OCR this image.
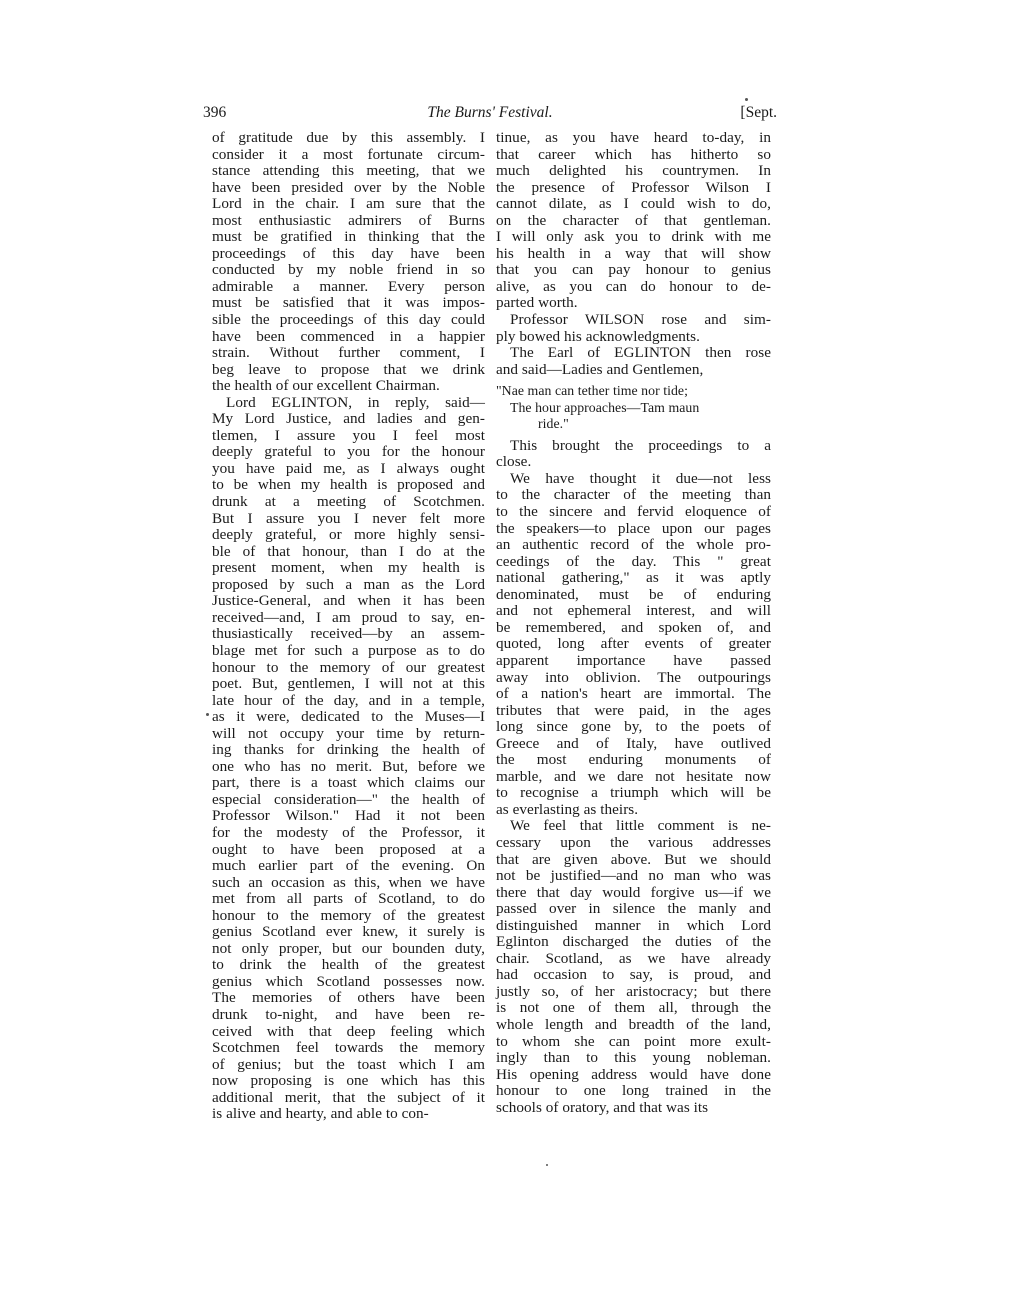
396	The Burns' Festival.	[Sept.
of gratitude due by this assembly. I
consider it a most fortunate circum-
stance attending this meeting, that we
have been presided over by the Noble
Lord in the chair. I am sure that the
most enthusiastic admirers of Burns
must be gratified in thinking that the
proceedings of this day have been
conducted by my noble friend in so
admirable a manner. Every person
must be satisfied that it was impos-
sible the proceedings of this day could
have been commenced in a happier
strain. Without further comment, I
beg leave to propose that we drink
the health of our excellent Chairman.
Lord EGLINTON, in reply, said—
My Lord Justice, and ladies and gen-
tlemen, I assure you I feel most
deeply grateful to you for the honour
you have paid me, as I always ought
to be when my health is proposed and
drunk at a meeting of Scotchmen.
But I assure you I never felt more
deeply grateful, or more highly sensi-
ble of that honour, than I do at the
present moment, when my health is
proposed by such a man as the Lord
Justice-General, and when it has been
received—and, I am proud to say, en-
thusiastically received—by an assem-
blage met for such a purpose as to do
honour to the memory of our greatest
poet. But, gentlemen, I will not at this
late hour of the day, and in a temple,
as it were, dedicated to the Muses—I
will not occupy your time by return-
ing thanks for drinking the health of
one who has no merit. But, before we
part, there is a toast which claims our
especial consideration—" the health of
Professor Wilson." Had it not been
for the modesty of the Professor, it
ought to have been proposed at a
much earlier part of the evening. On
such an occasion as this, when we have
met from all parts of Scotland, to do
honour to the memory of the greatest
genius Scotland ever knew, it surely is
not only proper, but our bounden duty,
to drink the health of the greatest
genius which Scotland possesses now.
The memories of others have been
drunk to-night, and have been re-
ceived with that deep feeling which
Scotchmen feel towards the memory
of genius; but the toast which I am
now proposing is one which has this
additional merit, that the subject of it
is alive and hearty, and able to con-
tinue, as you have heard to-day, in
that career which has hitherto so
much delighted his countrymen. In
the presence of Professor Wilson I
cannot dilate, as I could wish to do,
on the character of that gentleman.
I will only ask you to drink with me
his health in a way that will show
that you can pay honour to genius
alive, as you can do honour to de-
parted worth.
Professor WILSON rose and sim-
ply bowed his acknowledgments.
The Earl of EGLINTON then rose
and said—Ladies and Gentlemen,
"Nae man can tether time nor tide;
The hour approaches—Tam maun
ride."
This brought the proceedings to a
close.
We have thought it due—not less
to the character of the meeting than
to the sincere and fervid eloquence of
the speakers—to place upon our pages
an authentic record of the whole pro-
ceedings of the day. This " great
national gathering," as it was aptly
denominated, must be of enduring
and not ephemeral interest, and will
be remembered, and spoken of, and
quoted, long after events of greater
apparent importance have passed
away into oblivion. The outpourings
of a nation's heart are immortal. The
tributes that were paid, in the ages
long since gone by, to the poets of
Greece and of Italy, have outlived
the most enduring monuments of
marble, and we dare not hesitate now
to recognise a triumph which will be
as everlasting as theirs.
We feel that little comment is ne-
cessary upon the various addresses
that are given above. But we should
not be justified—and no man who was
there that day would forgive us—if we
passed over in silence the manly and
distinguished manner in which Lord
Eglinton discharged the duties of the
chair. Scotland, as we have already
had occasion to say, is proud, and
justly so, of her aristocracy; but there
is not one of them all, through the
whole length and breadth of the land,
to whom she can point more exult-
ingly than to this young nobleman.
His opening address would have done
honour to one long trained in the
schools of oratory, and that was its
